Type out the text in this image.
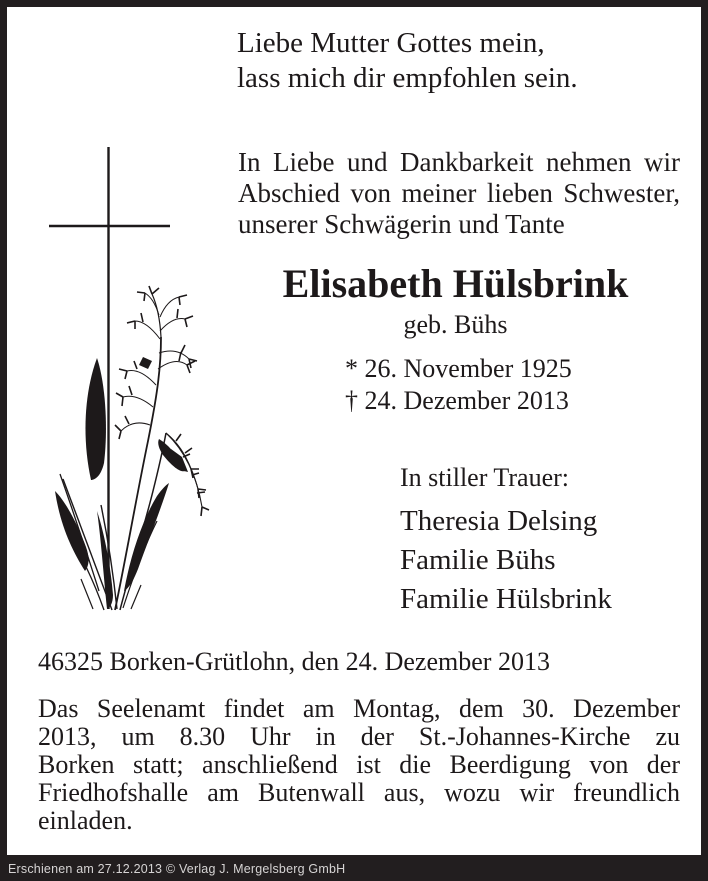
Liebe Mutter Gottes mein,
lass mich dir empfohlen sein.
In Liebe und Dankbarkeit nehmen wir
Abschied von meiner lieben Schwester,
unserer Schwägerin und Tante
Elisabeth Hülsbrink
geb. Bühs
* 26. November 1925
† 24. Dezember 2013
In stiller Trauer:
Theresia Delsing
Familie Bühs
Familie Hülsbrink
46325 Borken-Grütlohn, den 24. Dezember 2013
Das Seelenamt findet am Montag, dem 30. Dezember
2013, um 8.30 Uhr in der St.-Johannes-Kirche zu
Borken statt; anschließend ist die Beerdigung von der
Friedhofshalle am Butenwall aus, wozu wir freundlich
einladen.
Erschienen am 27.12.2013 © Verlag J. Mergelsberg GmbH
